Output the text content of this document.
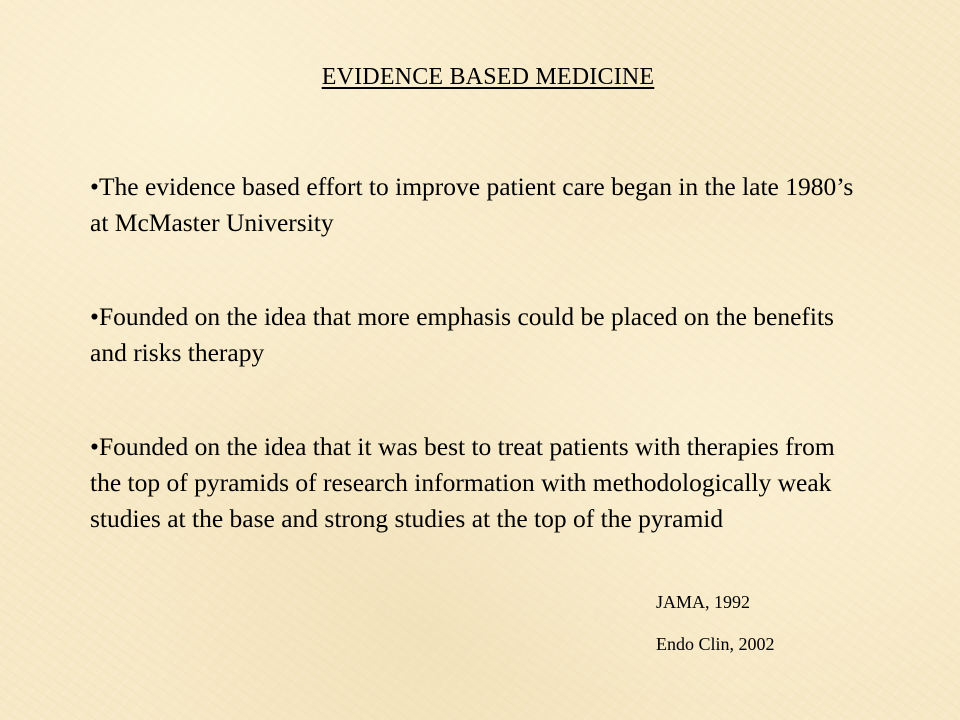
EVIDENCE BASED MEDICINE
•The evidence based effort to improve patient care began in the late 1980’s at McMaster University
•Founded on the idea that more emphasis could be placed on the benefits and risks therapy
•Founded on the idea that it was best to treat patients with therapies from the top of pyramids of research information with methodologically weak studies at the base and strong studies at the top of the pyramid
JAMA, 1992
Endo Clin, 2002
